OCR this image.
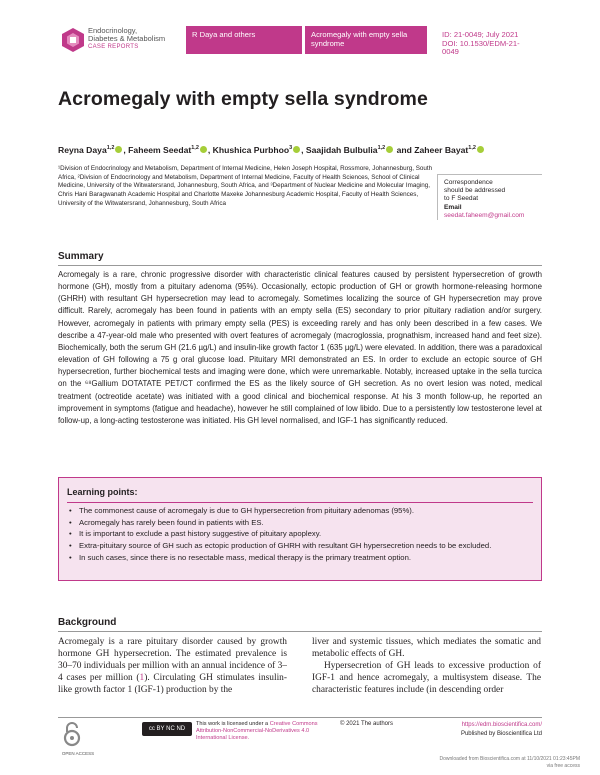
Endocrinology,
Diabetes & Metabolism
CASE REPORTS
R Daya and others	Acromegaly with empty sella syndrome
ID: 21-0049; July 2021
DOI: 10.1530/EDM-21-0049
Acromegaly with empty sella syndrome
Reyna Daya$^{1,2}$ , Faheem Seedat$^{1,2}$ , Khushica Purbhoo$^3$ , Saajidah Bulbulia$^{1,2}$ and Zaheer Bayat$^{1,2}$

¹Division of Endocrinology and Metabolism, Department of Internal Medicine, Helen Joseph Hospital, Rossmore, Johannesburg, South Africa, ²Division of Endocrinology and Metabolism, Department of Internal Medicine, Faculty of Health Sciences, School of Clinical Medicine, University of the Witwatersrand, Johannesburg, South Africa, and ³Department of Nuclear Medicine and Molecular Imaging, Chris Hani Baragwanath Academic Hospital and Charlotte Maxeke Johannesburg Academic Hospital, Faculty of Health Sciences, University of the Witwatersrand, Johannesburg, South Africa

Correspondence
should be addressed
to F Seedat
Email
seedat.faheem@gmail.com
Summary

Acromegaly is a rare, chronic progressive disorder with characteristic clinical features caused by persistent hypersecretion of growth hormone (GH), mostly from a pituitary adenoma (95%). Occasionally, ectopic production of GH or growth hormone-releasing hormone (GHRH) with resultant GH hypersecretion may lead to acromegaly. Sometimes localizing the source of GH hypersecretion may prove difficult. Rarely, acromegaly has been found in patients with an empty sella (ES) secondary to prior pituitary radiation and/or surgery. However, acromegaly in patients with primary empty sella (PES) is exceeding rarely and has only been described in a few cases. We describe a 47-year-old male who presented with overt features of acromegaly (macroglossia, prognathism, increased hand and feet size). Biochemically, both the serum GH (21.6 µg/L) and insulin-like growth factor 1 (635 µg/L) were elevated. In addition, there was a paradoxical elevation of GH following a 75 g oral glucose load. Pituitary MRI demonstrated an ES. In order to exclude an ectopic source of GH hypersecretion, further biochemical tests and imaging were done, which were unremarkable. Notably, increased uptake in the sella turcica on the ⁶⁸Gallium DOTATATE PET/CT confirmed the ES as the likely source of GH secretion. As no overt lesion was noted, medical treatment (octreotide acetate) was initiated with a good clinical and biochemical response. At his 3 month follow-up, he reported an improvement in symptoms (fatigue and headache), however he still complained of low libido. Due to a persistently low testosterone level at follow-up, a long-acting testosterone was initiated. His GH level normalised, and IGF-1 has significantly reduced.

Learning points:
• The commonest cause of acromegaly is due to GH hypersecretion from pituitary adenomas (95%).
• Acromegaly has rarely been found in patients with ES.
• It is important to exclude a past history suggestive of pituitary apoplexy.
• Extra-pituitary source of GH such as ectopic production of GHRH with resultant GH hypersecretion needs to be excluded.
• In such cases, since there is no resectable mass, medical therapy is the primary treatment option.
Background

Acromegaly is a rare pituitary disorder caused by growth hormone GH hypersecretion. The estimated prevalence is 30–70 individuals per million with an annual incidence of 3–4 cases per million (1). Circulating GH stimulates insulin-like growth factor 1 (IGF-1) production by the

liver and systemic tissues, which mediates the somatic and metabolic effects of GH.
Hypersecretion of GH leads to excessive production of IGF-1 and hence acromegaly, a multisystem disease. The characteristic features include (in descending order
OPEN ACCESS
cc BY NC ND
This work is licensed under a Creative Commons Attribution-NonCommercial-NoDerivatives 4.0 International License.
© 2021 The authors	https://edm.bioscientifica.com/
Published by Bioscientifica Ltd
Downloaded from Bioscientifica.com at 11/10/2021 01:23:45PM
via free access
